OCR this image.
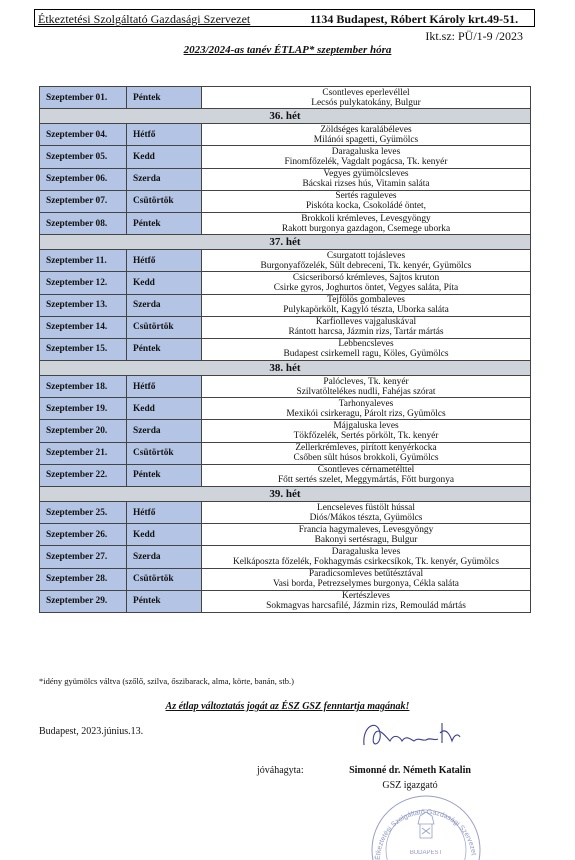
Étkeztetési Szolgáltató Gazdasági Szervezet	1134 Budapest, Róbert Károly krt.49-51.
Ikt.sz: PÜ/1-9 /2023
2023/2024-as tanév ÉTLAP* szeptember hóra
Szeptember 01.	Péntek	Csontleves eperlevéllel
Lecsós pulykatokány, Bulgur

36. hét		
Szeptember 04.	Hétfő	Zöldséges karalábéleves
Milánói spagetti, Gyümölcs

Szeptember 05.	Kedd	Daragaluska leves
Finomfőzelék, Vagdalt pogácsa, Tk. kenyér

Szeptember 06.	Szerda	Vegyes gyümölcsleves
Bácskai rizses hús, Vitamin saláta

Szeptember 07.	Csütörtök	Sertés raguleves
Piskóta kocka, Csokoládé öntet,

Szeptember 08.	Péntek	Brokkoli krémleves, Levesgyöngy
Rakott burgonya gazdagon, Csemege uborka

37. hét		
Szeptember 11.	Hétfő	Csurgatott tojásleves
Burgonyafőzelék, Sült debreceni, Tk. kenyér, Gyümölcs

Szeptember 12.	Kedd	Csicseriborsó krémleves, Sajtos kruton
Csirke gyros, Joghurtos öntet, Vegyes saláta, Píta

Szeptember 13.	Szerda	Tejfölös gombaleves
Pulykapörkölt, Kagyló tészta, Uborka saláta

Szeptember 14.	Csütörtök	Karfiolleves vajgaluskával
Rántott harcsa, Jázmin rizs, Tartár mártás

Szeptember 15.	Péntek	Lebbencsleves
Budapest csirkemell ragu, Köles, Gyümölcs

38. hét		
Szeptember 18.	Hétfő	Palócleves, Tk. kenyér
Szilvatöltelékes nudli, Fahéjas szórat

Szeptember 19.	Kedd	Tarhonyaleves
Mexikói csirkeragu, Párolt rizs, Gyümölcs

Szeptember 20.	Szerda	Májgaluska leves
Tökfőzelék, Sertés pörkölt, Tk. kenyér

Szeptember 21.	Csütörtök	Zellerkrémleves, pirított kenyérkocka
Csőben sült húsos brokkoli, Gyümölcs

Szeptember 22.	Péntek	Csontleves cérnametélttel
Főtt sertés szelet, Meggymártás, Főtt burgonya

39. hét		
Szeptember 25.	Hétfő	Lencseleves füstölt hússal
Diós/Mákos tészta, Gyümölcs

Szeptember 26.	Kedd	Francia hagymaleves, Levesgyöngy
Bakonyi sertésragu, Bulgur

Szeptember 27.	Szerda	Daragaluska leves
Kelkáposzta főzelék, Fokhagymás csirkecsíkok, Tk. kenyér, Gyümölcs

Szeptember 28.	Csütörtök	Paradicsomleves betűtésztával
Vasi borda, Petrezselymes burgonya, Cékla saláta

Szeptember 29.	Péntek	Kertészleves
Sokmagvas harcsafilé, Jázmin rizs, Remoulád mártás
*idény gyümölcs váltva (szőlő, szilva, őszibarack, alma, körte, banán, stb.)
Az étlap változtatás jogát az ÉSZ GSZ fenntartja magának!
Budapest, 2023.június.13.
jóváhagyta:	Simonné dr. Németh Katalin
GSZ igazgató
Étkeztetési Szolgáltató Gazdasági Szervezet
BUDAPEST
